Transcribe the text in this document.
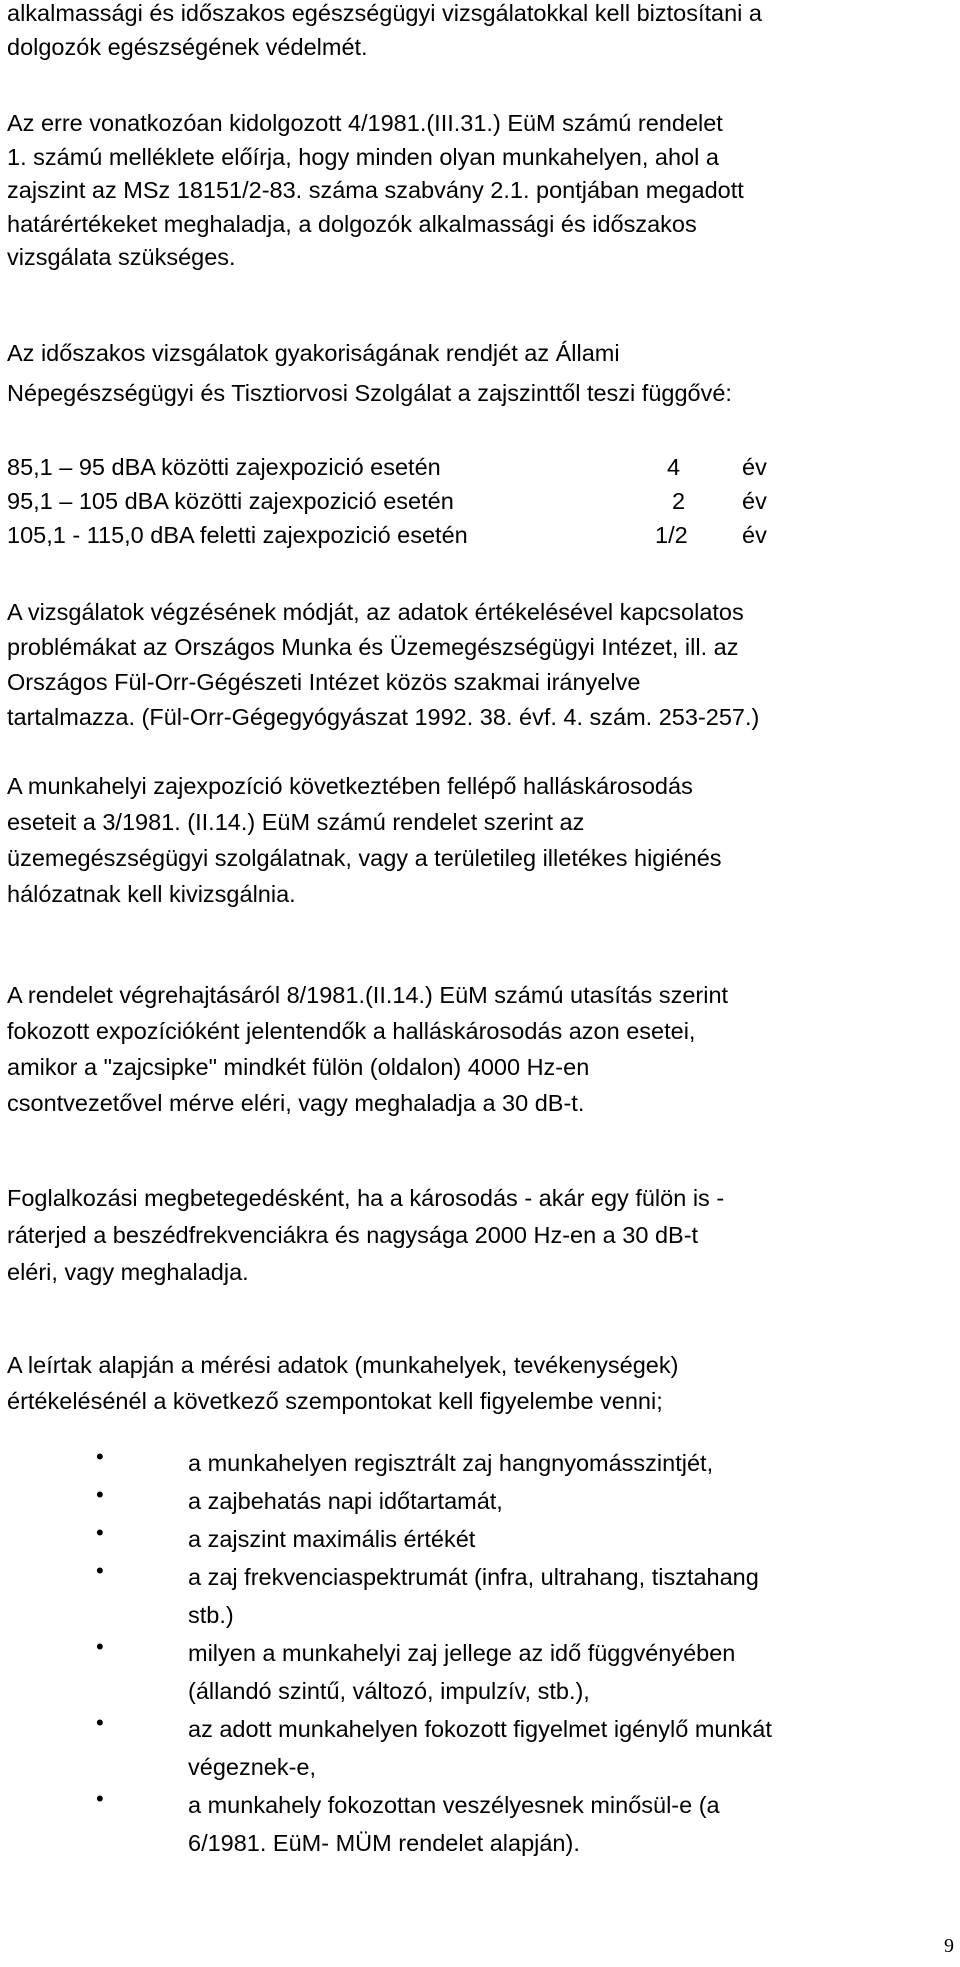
alkalmassági és időszakos egészségügyi vizsgálatokkal kell biztosítani a
dolgozók egészségének védelmét.
Az erre vonatkozóan kidolgozott 4/1981.(III.31.) EüM számú rendelet
1. számú melléklete előírja, hogy minden olyan munkahelyen, ahol a
zajszint az MSz 18151/2-83. száma szabvány 2.1. pontjában megadott
határértékeket meghaladja, a dolgozók alkalmassági és időszakos
vizsgálata szükséges.
Az időszakos vizsgálatok gyakoriságának rendjét az Állami
Népegészségügyi és Tisztiorvosi Szolgálat a zajszinttől teszi függővé:
85,1 – 95 dBA közötti zajexpozició esetén	4	év
95,1 – 105 dBA közötti zajexpozició esetén	2 év
105,1 - 115,0 dBA feletti zajexpozició esetén	1/2 év
A vizsgálatok végzésének módját, az adatok értékelésével kapcsolatos
problémákat az Országos Munka és Üzemegészségügyi Intézet, ill. az
Országos Fül-Orr-Gégészeti Intézet közös szakmai irányelve
tartalmazza. (Fül-Orr-Gégegyógyászat 1992. 38. évf. 4. szám. 253-257.)
A munkahelyi zajexpozíció következtében fellépő halláskárosodás
eseteit a 3/1981. (II.14.) EüM számú rendelet szerint az
üzemegészségügyi szolgálatnak, vagy a területileg illetékes higiénés
hálózatnak kell kivizsgálnia.
A rendelet végrehajtásáról 8/1981.(II.14.) EüM számú utasítás szerint
fokozott expozícióként jelentendők a halláskárosodás azon esetei,
amikor a "zajcsipke" mindkét fülön (oldalon) 4000 Hz-en
csontvezetővel mérve eléri, vagy meghaladja a 30 dB-t.
Foglalkozási megbetegedésként, ha a károsodás - akár egy fülön is -
ráterjed a beszédfrekvenciákra és nagysága 2000 Hz-en a 30 dB-t
eléri, vagy meghaladja.
A leírtak alapján a mérési adatok (munkahelyek, tevékenységek)
értékelésénél a következő szempontokat kell figyelembe venni;
•	a munkahelyen regisztrált zaj hangnyomásszintjét,
•	a zajbehatás napi időtartamát,
•	a zajszint maximális értékét
•	a zaj frekvenciaspektrumát (infra, ultrahang, tisztahang
stb.)
•	milyen a munkahelyi zaj jellege az idő függvényében
(állandó szintű, változó, impulzív, stb.),
•	az adott munkahelyen fokozott figyelmet igénylő munkát
végeznek-e,
•	a munkahely fokozottan veszélyesnek minősül-e (a
6/1981. EüM- MÜM rendelet alapján).
9
